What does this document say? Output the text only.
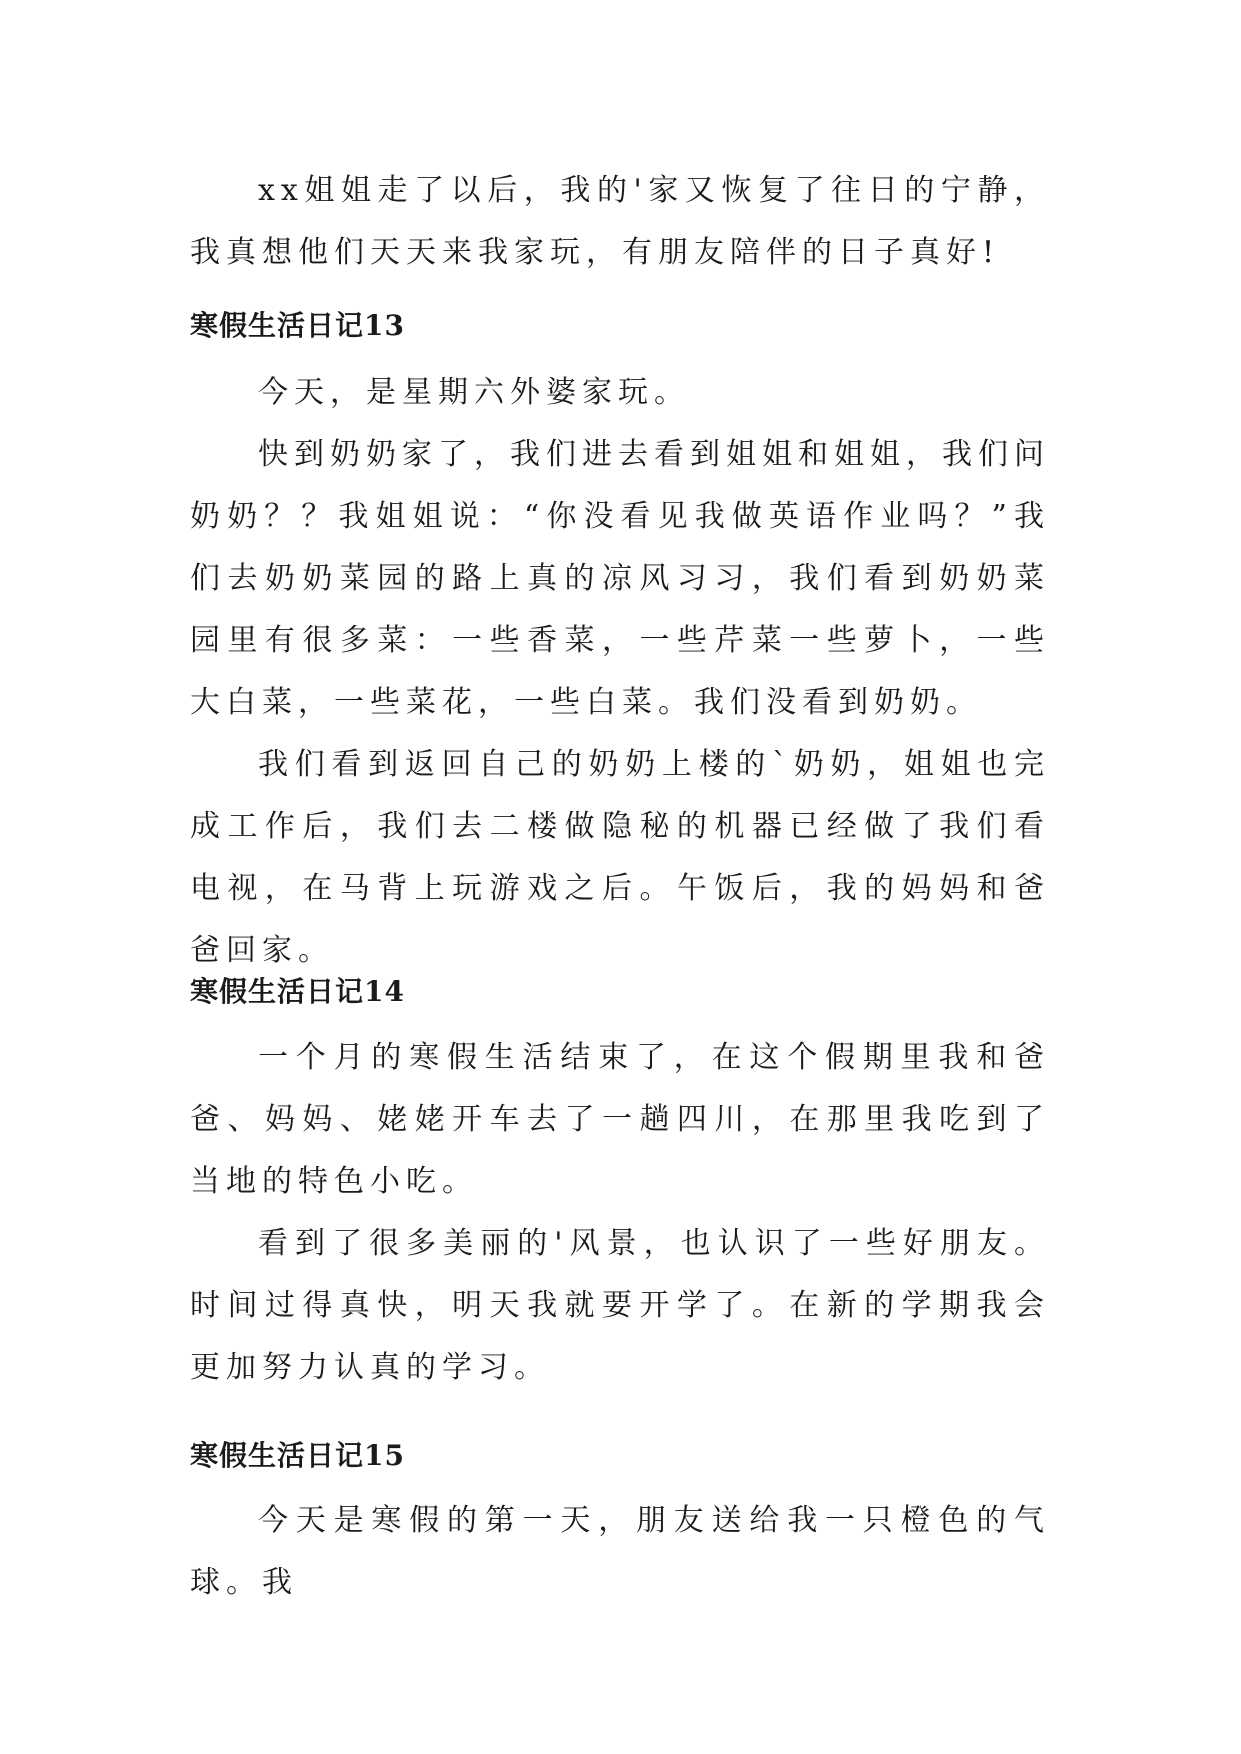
xx姐姐走了以后，我的'家又恢复了往日的宁静，我真想他们天天来我家玩，有朋友陪伴的日子真好!

寒假生活日记13

今天，是星期六外婆家玩。

快到奶奶家了，我们进去看到姐姐和姐姐，我们问奶奶？？我姐姐说：“你没看见我做英语作业吗？”我们去奶奶菜园的路上真的凉风习习，我们看到奶奶菜园里有很多菜：一些香菜，一些芹菜一些萝卜，一些大白菜，一些菜花，一些白菜。我们没看到奶奶。

我们看到返回自己的奶奶上楼的`奶奶，姐姐也完成工作后，我们去二楼做隐秘的机器已经做了我们看电视，在马背上玩游戏之后。午饭后，我的妈妈和爸爸回家。

寒假生活日记14

一个月的寒假生活结束了，在这个假期里我和爸爸、妈妈、姥姥开车去了一趟四川，在那里我吃到了当地的特色小吃。

看到了很多美丽的'风景，也认识了一些好朋友。时间过得真快，明天我就要开学了。在新的学期我会更加努力认真的学习。

寒假生活日记15

今天是寒假的第一天，朋友送给我一只橙色的气球。我
